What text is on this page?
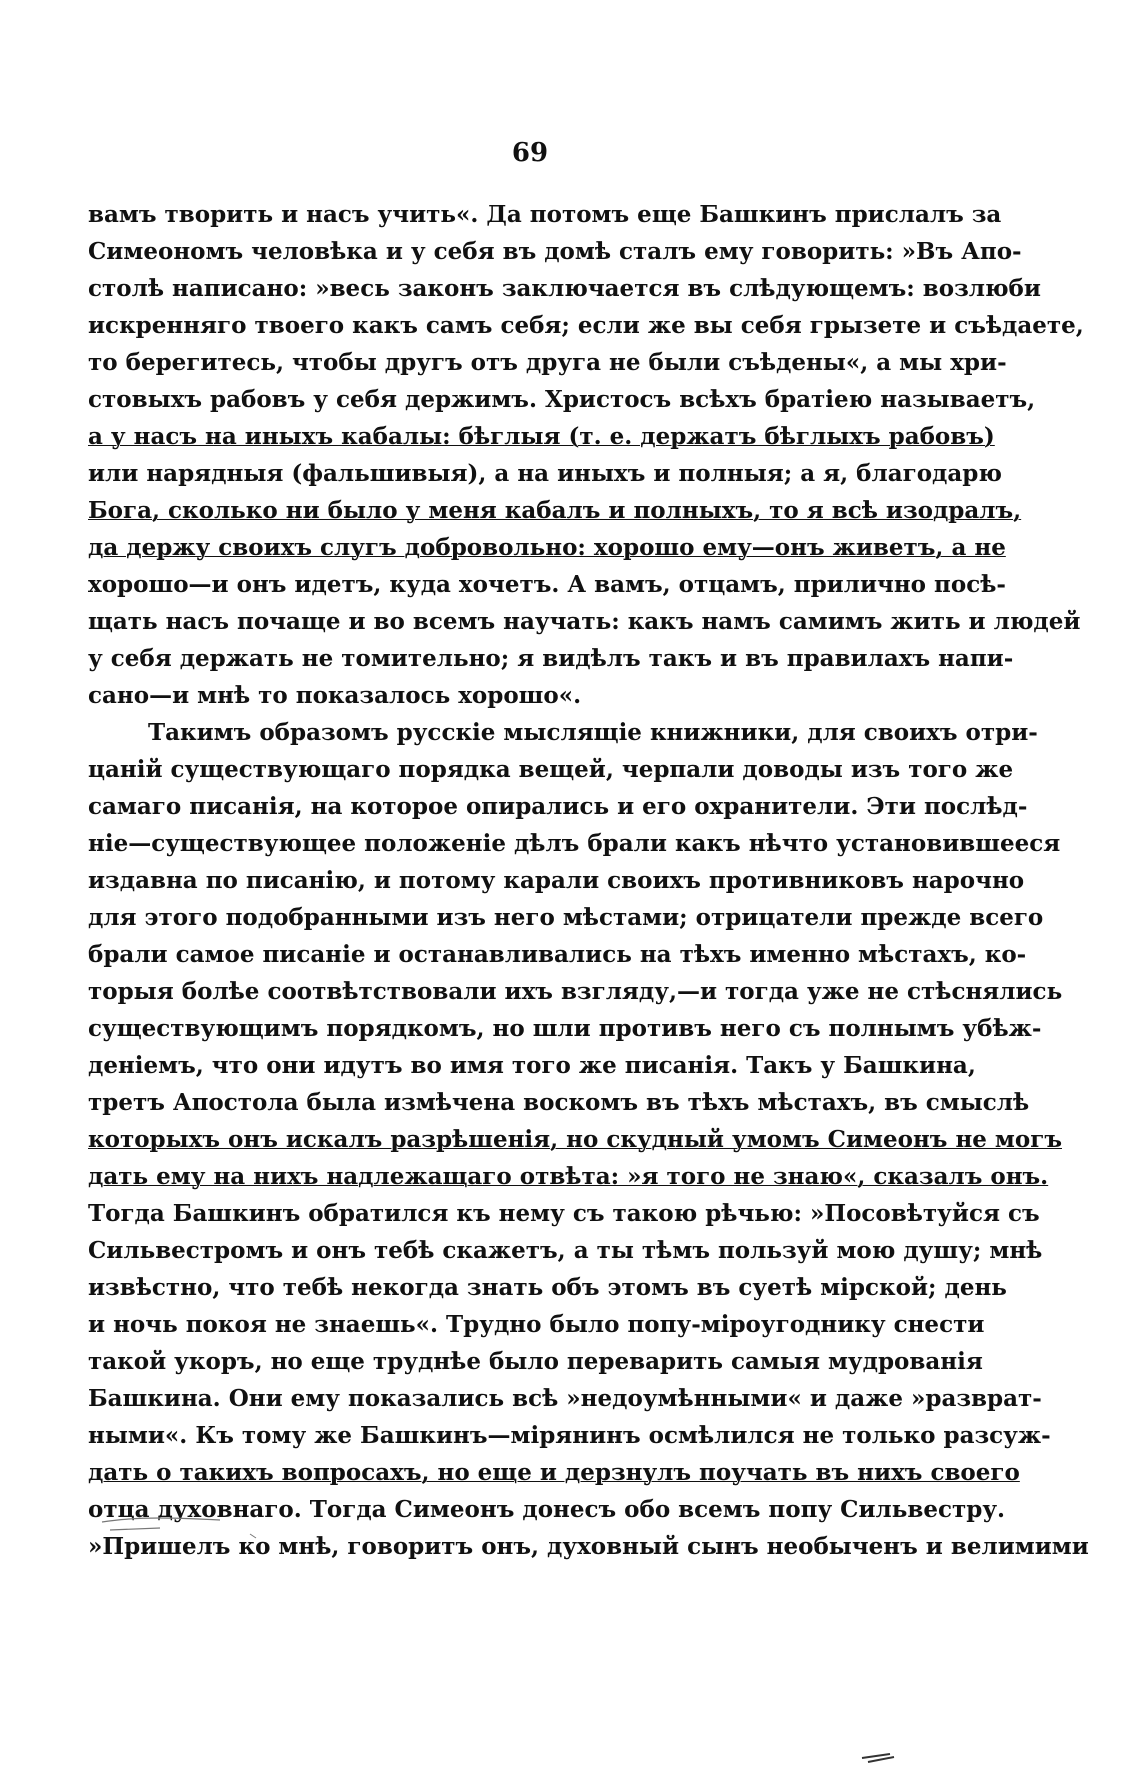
69
вамъ творить и насъ учить«. Да потомъ еще Башкинъ прислалъ за
Симеономъ человѣка и у себя въ домѣ сталъ ему говорить: »Въ Апо-
столѣ написано: »весь законъ заключается въ слѣдующемъ: возлюби
искренняго твоего какъ самъ себя; если же вы себя грызете и съѣдаете,
то берегитесь, чтобы другъ отъ друга не были съѣдены«, а мы хри-
стовыхъ рабовъ у себя держимъ. Христосъ всѣхъ братіею называетъ,
а у насъ на иныхъ кабалы: бѣглыя (т. е. держатъ бѣглыхъ рабовъ)
или нарядныя (фальшивыя), а на иныхъ и полныя; а я, благодарю
Бога, сколько ни было у меня кабалъ и полныхъ, то я всѣ изодралъ,
да держу своихъ слугъ добровольно: хорошо ему—онъ живетъ, а не
хорошо—и онъ идетъ, куда хочетъ. А вамъ, отцамъ, прилично посѣ-
щать насъ почаще и во всемъ научать: какъ намъ самимъ жить и людей
у себя держать не томительно; я видѣлъ такъ и въ правилахъ напи-
сано—и мнѣ то показалось хорошо«.
Такимъ образомъ русскіе мыслящіе книжники, для своихъ отри-
цаній существующаго порядка вещей, черпали доводы изъ того же
самаго писанія, на которое опирались и его охранители. Эти послѣд-
ніе—существующее положеніе дѣлъ брали какъ нѣчто установившееся
издавна по писанію, и потому карали своихъ противниковъ нарочно
для этого подобранными изъ него мѣстами; отрицатели прежде всего
брали самое писаніе и останавливались на тѣхъ именно мѣстахъ, ко-
торыя болѣе соотвѣтствовали ихъ взгляду,—и тогда уже не стѣснялись
существующимъ порядкомъ, но шли противъ него съ полнымъ убѣж-
деніемъ, что они идутъ во имя того же писанія. Такъ у Башкина,
третъ Апостола была измѣчена воскомъ въ тѣхъ мѣстахъ, въ смыслѣ
которыхъ онъ искалъ разрѣшенія, но скудный умомъ Симеонъ не могъ
дать ему на нихъ надлежащаго отвѣта: »я того не знаю«, сказалъ онъ.
Тогда Башкинъ обратился къ нему съ такою рѣчью: »Посовѣтуйся съ
Сильвестромъ и онъ тебѣ скажетъ, а ты тѣмъ пользуй мою душу; мнѣ
извѣстно, что тебѣ некогда знать объ этомъ въ суетѣ мірской; день
и ночь покоя не знаешь«. Трудно было попу-міроугоднику снести
такой укоръ, но еще труднѣе было переварить самыя мудрованія
Башкина. Они ему показались всѣ »недоумѣнными« и даже »разврат-
ными«. Къ тому же Башкинъ—мірянинъ осмѣлился не только разсуж-
дать о такихъ вопросахъ, но еще и дерзнулъ поучать въ нихъ своего
отца духовнаго. Тогда Симеонъ донесъ обо всемъ попу Сильвестру.
»Пришелъ ко мнѣ, говоритъ онъ, духовный сынъ необыченъ и велимими
